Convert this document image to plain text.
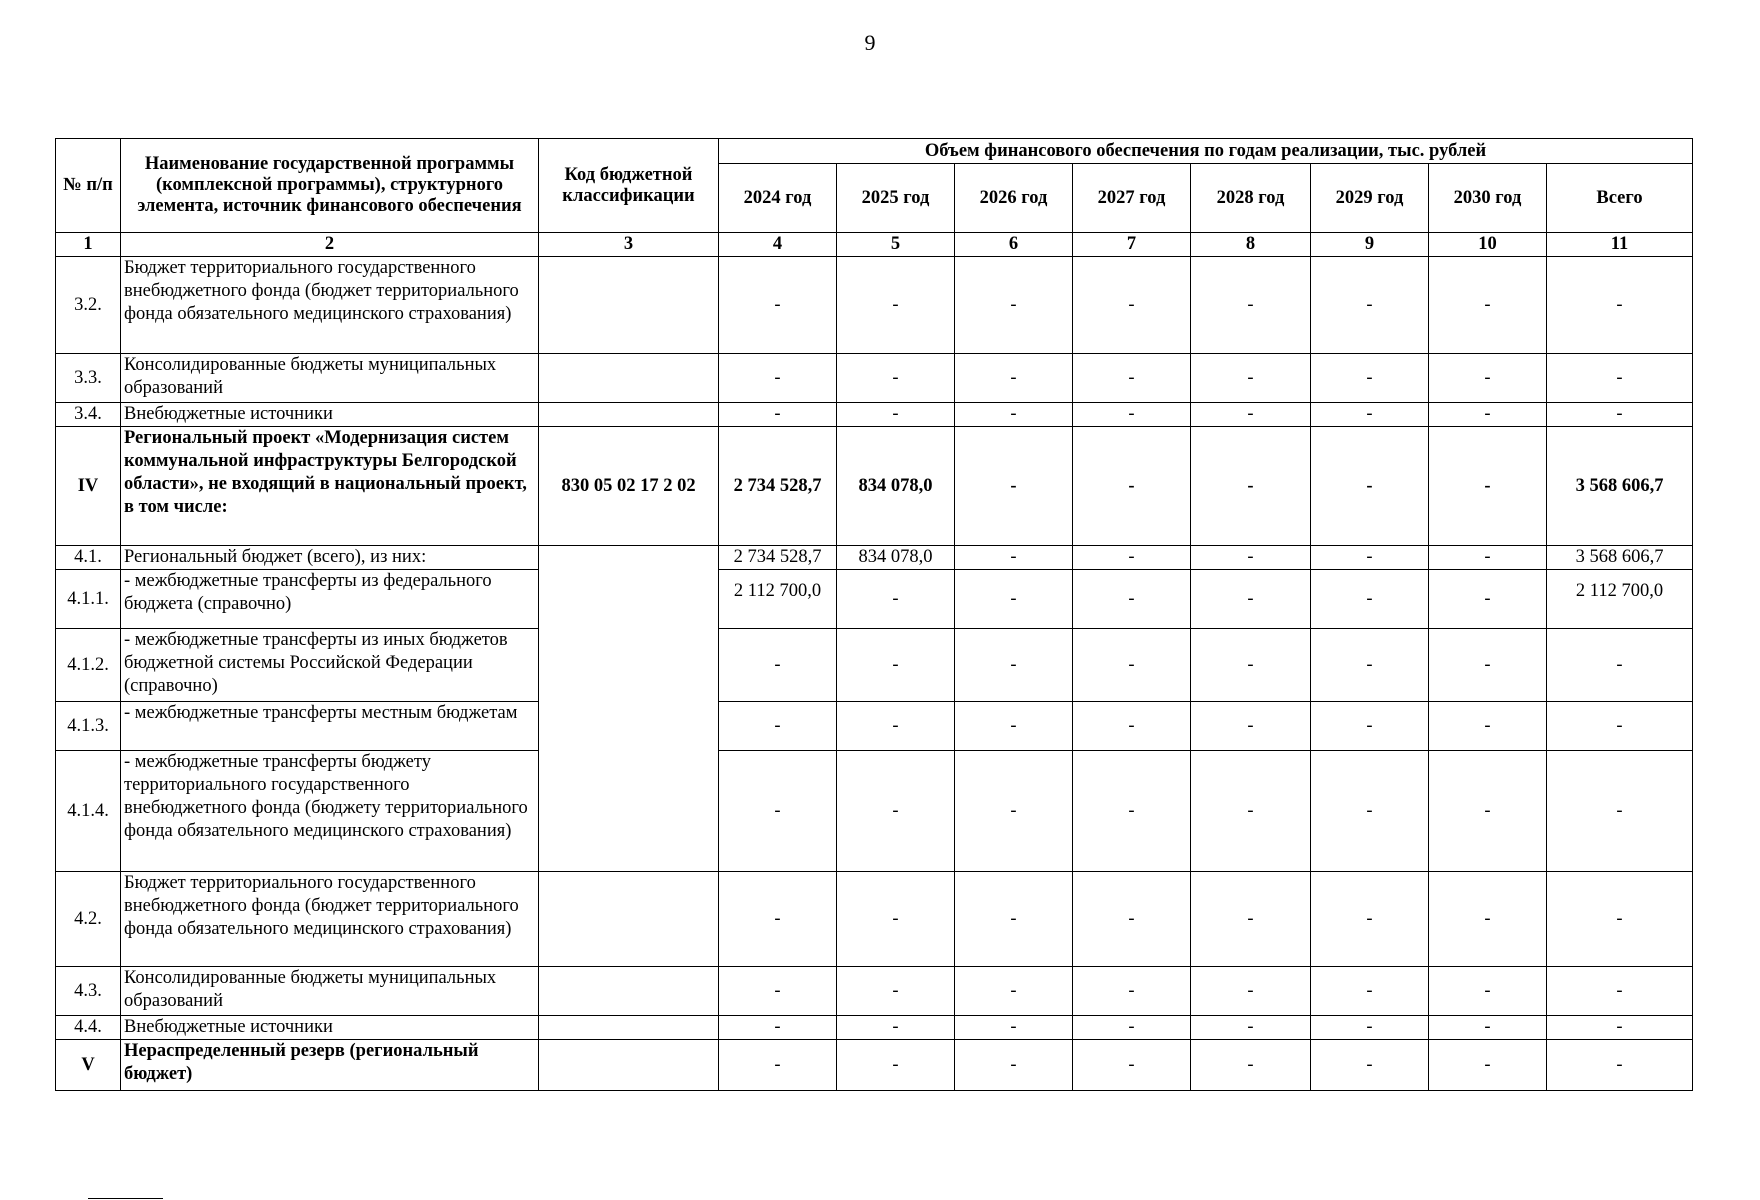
9
№ п/п	Наименование государственной программы (комплексной программы), структурного элемента, источник финансового обеспечения	Код бюджетной классификации	Объем финансового обеспечения по годам реализации, тыс. рублей							
			2024 год	2025 год	2026 год	2027 год	2028 год	2029 год	2030 год	Всего
1	2	3	4	5	6	7	8	9	10	11
3.2.	Бюджет территориального государственного внебюджетного фонда (бюджет территориального фонда обязательного медицинского страхования)		-	-	-	-	-	-	-	-
3.3.	Консолидированные бюджеты муниципальных образований		-	-	-	-	-	-	-	-
3.4.	Внебюджетные источники		-	-	-	-	-	-	-	-
IV	Региональный проект «Модернизация систем коммунальной инфраструктуры Белгородской области», не входящий в национальный проект, в том числе:	830 05 02 17 2 02	2 734 528,7	834 078,0	-	-	-	-	-	3 568 606,7
4.1.	Региональный бюджет (всего), из них:		2 734 528,7	834 078,0	-	-	-	-	-	3 568 606,7
4.1.1.	- межбюджетные трансферты из федерального бюджета (справочно)		2 112 700,0	-	-	-	-	-	-	2 112 700,0
4.1.2.	- межбюджетные трансферты из иных бюджетов бюджетной системы Российской Федерации (справочно)		-	-	-	-	-	-	-	-
4.1.3.	- межбюджетные трансферты местным бюджетам		-	-	-	-	-	-	-	-
4.1.4.	- межбюджетные трансферты бюджету территориального государственного внебюджетного фонда (бюджету территориального фонда обязательного медицинского страхования)		-	-	-	-	-	-	-	-
4.2.	Бюджет территориального государственного внебюджетного фонда (бюджет территориального фонда обязательного медицинского страхования)		-	-	-	-	-	-	-	-
4.3.	Консолидированные бюджеты муниципальных образований		-	-	-	-	-	-	-	-
4.4.	Внебюджетные источники		-	-	-	-	-	-	-	-
V	Нераспределенный резерв (региональный бюджет)		-	-	-	-	-	-	-	-
